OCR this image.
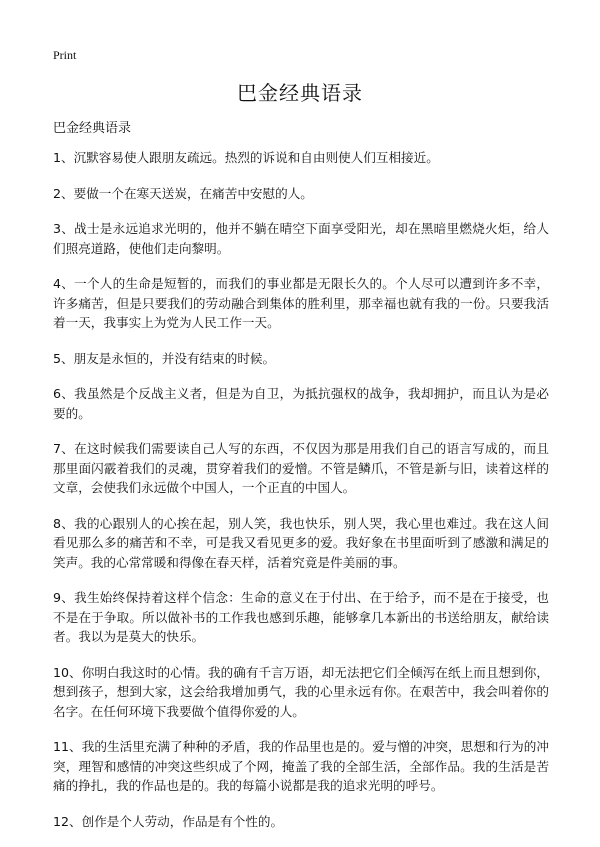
Print
巴金经典语录

巴金经典语录

1、沉默容易使人跟朋友疏远。热烈的诉说和自由则使人们互相接近。
2、要做一个在寒天送炭，在痛苦中安慰的人。
3、战士是永远追求光明的，他并不躺在晴空下面享受阳光，却在黑暗里燃烧火炬，给人们照亮道路，使他们走向黎明。
4、一个人的生命是短暂的，而我们的事业都是无限长久的。个人尽可以遭到许多不幸，许多痛苦，但是只要我们的劳动融合到集体的胜利里，那幸福也就有我的一份。只要我活着一天，我事实上为党为人民工作一天。
5、朋友是永恒的，并没有结束的时候。
6、我虽然是个反战主义者，但是为自卫，为抵抗强权的战争，我却拥护，而且认为是必要的。
7、在这时候我们需要读自己人写的东西，不仅因为那是用我们自己的语言写成的，而且那里面闪霰着我们的灵魂，贯穿着我们的爱憎。不管是鳞爪，不管是新与旧，读着这样的文章，会使我们永远做个中国人，一个正直的中国人。
8、我的心跟别人的心挨在起，别人笑，我也快乐，别人哭，我心里也难过。我在这人间看见那么多的痛苦和不幸，可是我又看见更多的爱。我好象在书里面听到了感激和满足的笑声。我的心常常暖和得像在春天样，活着究竟是件美丽的事。
9、我生始终保持着这样个信念：生命的意义在于付出、在于给予，而不是在于接受，也不是在于争取。所以做补书的工作我也感到乐趣，能够拿几本新出的书送给朋友，献给读者。我以为是莫大的快乐。
10、你明白我这时的心情。我的确有千言万语，却无法把它们全倾泻在纸上而且想到你，想到孩子，想到大家，这会给我增加勇气，我的心里永远有你。在艰苦中，我会叫着你的名字。在任何环境下我要做个值得你爱的人。
11、我的生活里充满了种种的矛盾，我的作品里也是的。爱与憎的冲突，思想和行为的冲突，理智和感情的冲突这些织成了个网，掩盖了我的全部生活，全部作品。我的生活是苦痛的挣扎，我的作品也是的。我的每篇小说都是我的追求光明的呼号。
12、创作是个人劳动，作品是有个性的。
